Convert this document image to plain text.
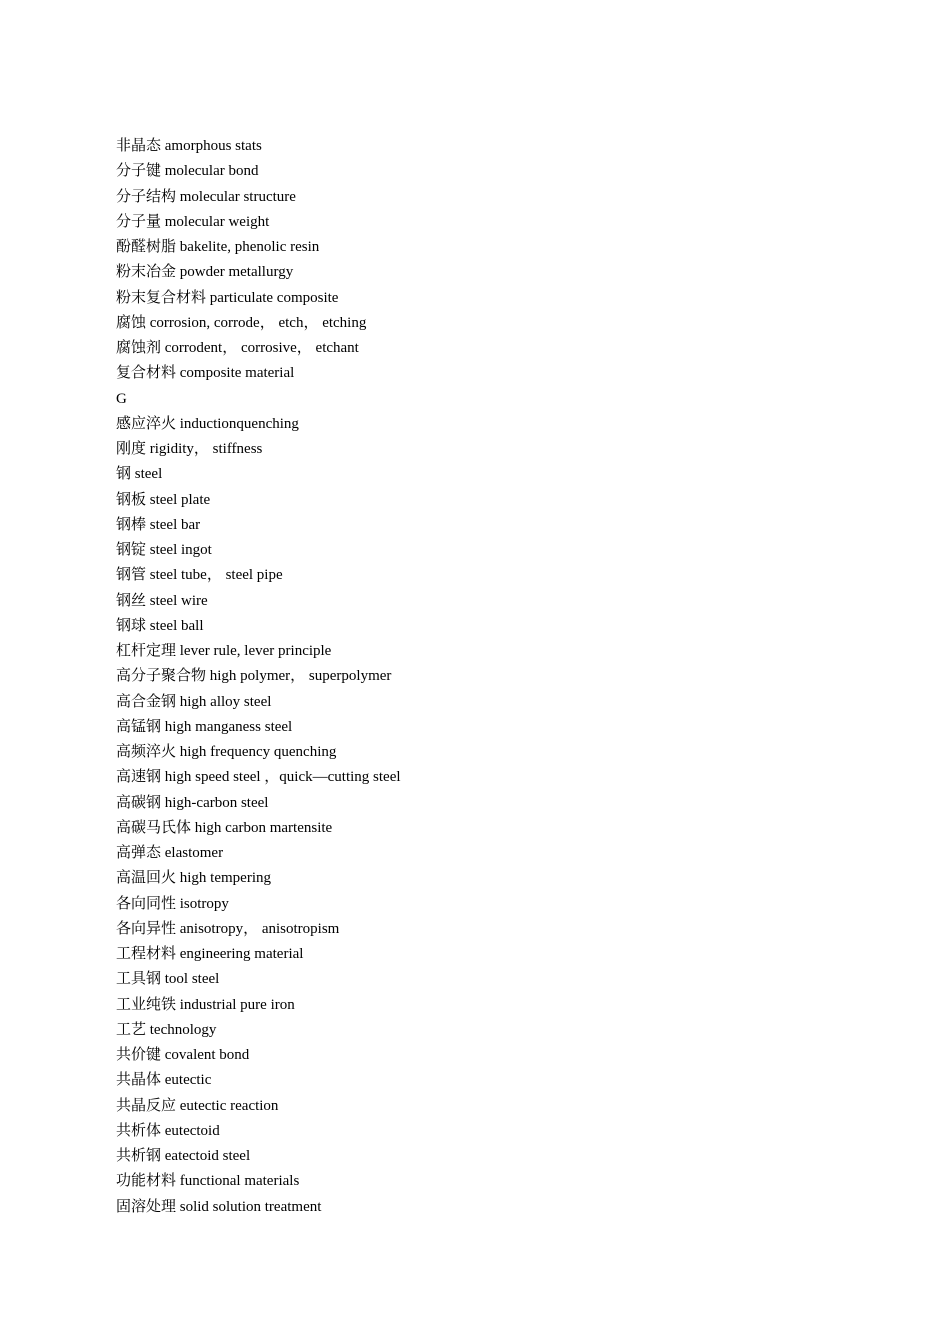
非晶态 amorphous stats
分子键 molecular bond
分子结构 molecular structure
分子量 molecular weight
酚醛树脂 bakelite, phenolic resin
粉末冶金 powder metallurgy
粉末复合材料 particulate composite
腐蚀 corrosion, corrode， etch， etching
腐蚀剂 corrodent， corrosive， etchant
复合材料 composite material
G
感应淬火 inductionquenching
刚度 rigidity， stiffness
钢 steel
钢板 steel plate
钢棒 steel bar
钢锭 steel ingot
钢管 steel tube， steel pipe
钢丝 steel wire
钢球 steel ball
杠杆定理 lever rule, lever principle
高分子聚合物 high polymer， superpolymer
高合金钢 high alloy steel
高锰钢 high manganess steel
高频淬火 high frequency quenching
高速钢 high speed steel ，quick—cutting steel
高碳钢 high-carbon steel
高碳马氏体 high carbon martensite
高弹态 elastomer
高温回火 high tempering
各向同性 isotropy
各向异性 anisotropy， anisotropism
工程材料 engineering material
工具钢 tool steel
工业纯铁 industrial pure iron
工艺 technology
共价键 covalent bond
共晶体 eutectic
共晶反应 eutectic reaction
共析体 eutectoid
共析钢 eatectoid steel
功能材料 functional materials
固溶处理 solid solution treatment
